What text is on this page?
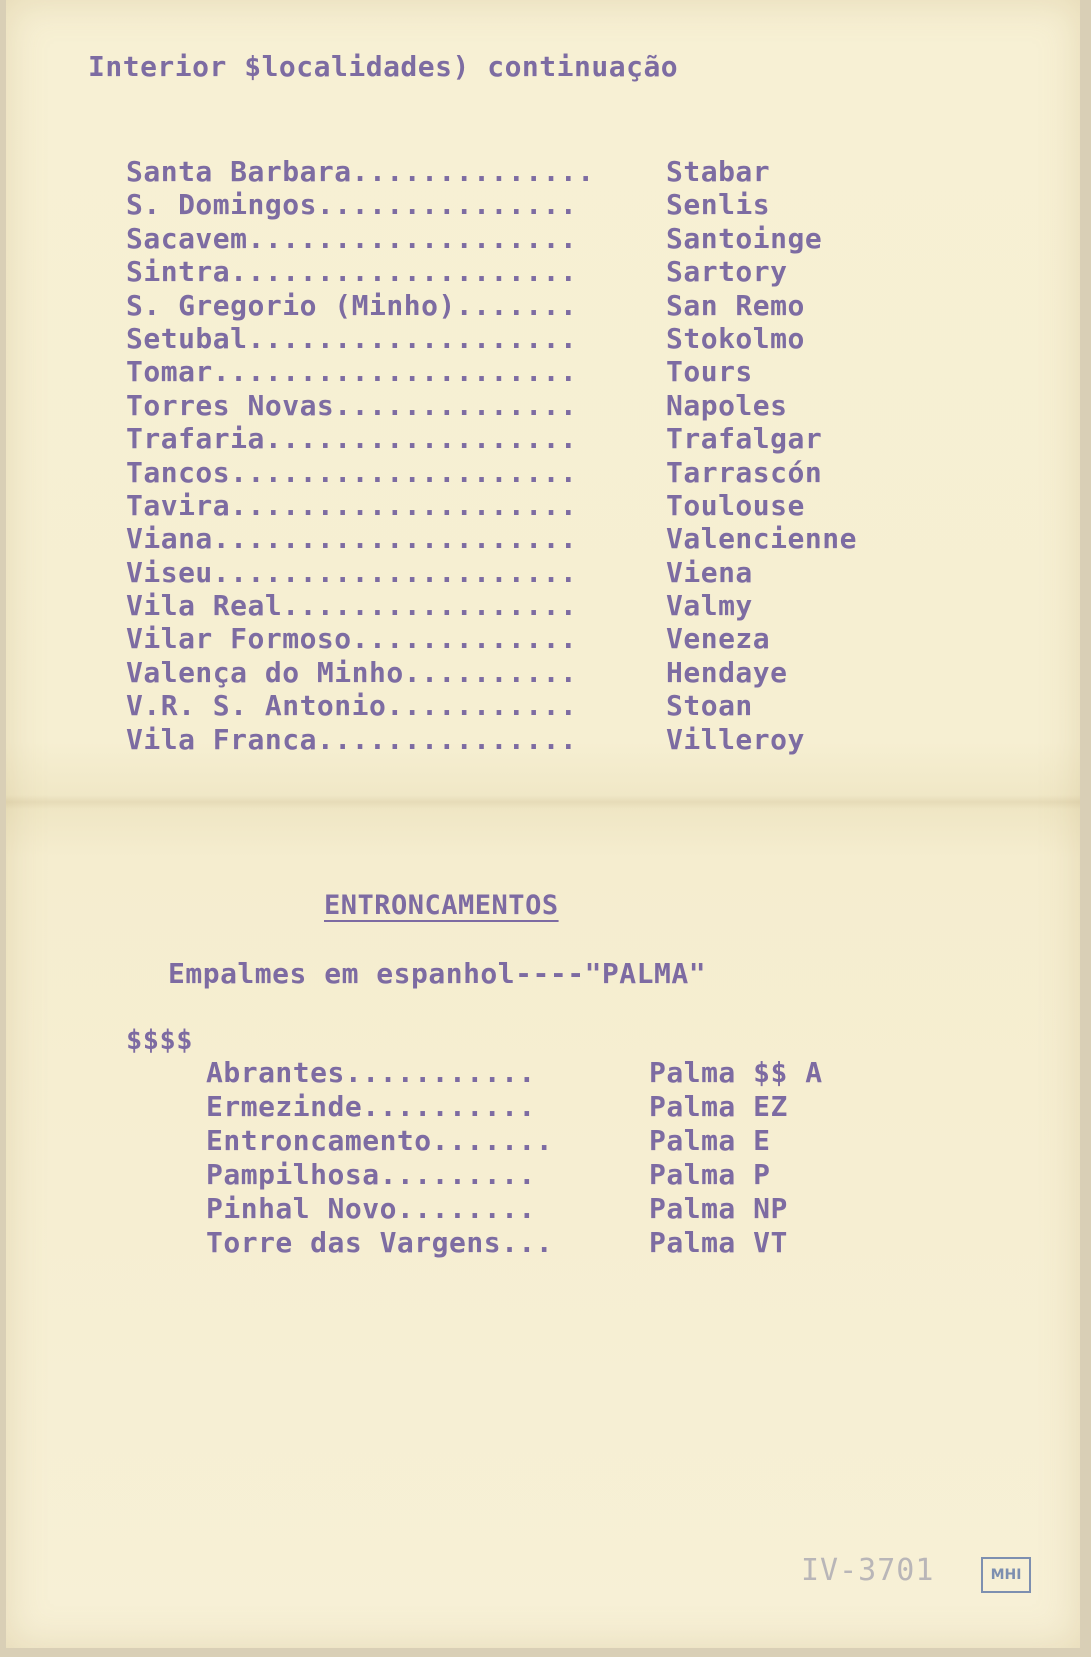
Interior $localidades) continuação
Santa Barbara..............	Stabar
S. Domingos...............	Senlis
Sacavem...................	Santoinge
Sintra....................	Sartory
S. Gregorio (Minho).......	San Remo
Setubal...................	Stokolmo
Tomar.....................	Tours
Torres Novas..............	Napoles
Trafaria..................	Trafalgar
Tancos....................	Tarrascón
Tavira....................	Toulouse
Viana.....................	Valencienne
Viseu.....................	Viena
Vila Real.................	Valmy
Vilar Formoso.............	Veneza
Valença do Minho..........	Hendaye
V.R. S. Antonio...........	Stoan
Vila Franca...............	Villeroy
ENTRONCAMENTOS
Empalmes em espanhol----"PALMA"
$$$$
Abrantes...........	Palma $$ A
Ermezinde..........	Palma EZ
Entroncamento.......	Palma E
Pampilhosa.........	Palma P
Pinhal Novo........	Palma NP
Torre das Vargens...	Palma VT
IV-3701	MHI
